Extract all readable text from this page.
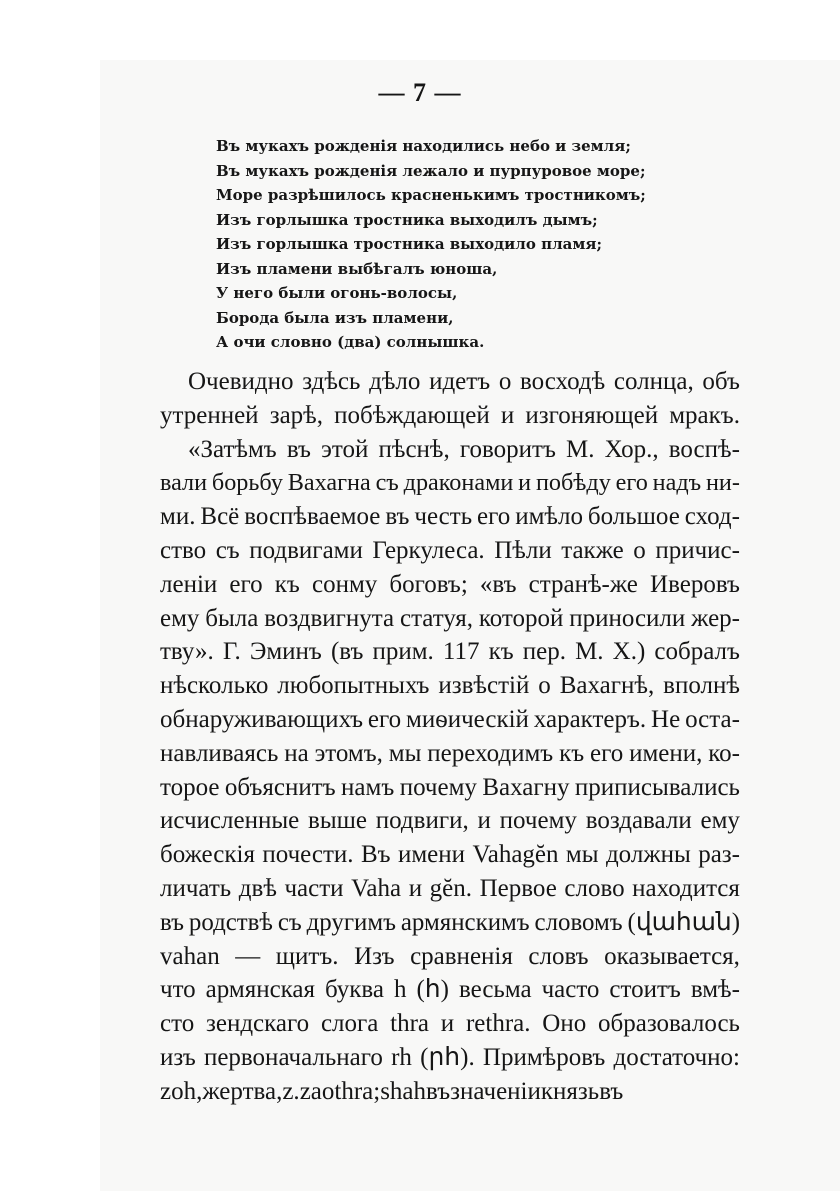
— 7 —
Въ мукахъ рожденія находились небо и земля;
Въ мукахъ рожденія лежало и пурпуровое море;
Море разрѣшилось красненькимъ тростникомъ;
Изъ горлышка тростника выходилъ дымъ;
Изъ горлышка тростника выходило пламя;
Изъ пламени выбѣгалъ юноша,
У него были огонь-волосы,
Борода была изъ пламени,
А очи словно (два) солнышка.
Очевидно здѣсь дѣло идетъ о восходѣ солнца, объ
утренней зарѣ, побѣждающей и изгоняющей мракъ.
«Затѣмъ въ этой пѣснѣ, говоритъ М. Хор., воспѣ-
вали борьбу Вахагна съ драконами и побѣду его надъ ни-
ми. Всё воспѣваемое въ честь его имѣло большое сход-
ство съ подвигами Геркулеса. Пѣли также о причис-
леніи его къ сонму боговъ; «въ странѣ-же Иверовъ
ему была воздвигнута статуя, которой приносили жер-
тву». Г. Эминъ (въ прим. 117 къ пер. М. Х.) собралъ
нѣсколько любопытныхъ извѣстій о Вахагнѣ, вполнѣ
обнаруживающихъ его миѳическій характеръ. Не оста-
навливаясь на этомъ, мы переходимъ къ его имени, ко-
торое объяснитъ намъ почему Вахагну приписывались
исчисленные выше подвиги, и почему воздавали ему
божескія почести. Въ имени Vahagĕn мы должны раз-
личать двѣ части Vaha и gĕn. Первое слово находится
въ родствѣ съ другимъ армянскимъ словомъ (վահան)
vahan — щитъ. Изъ сравненія словъ оказывается,
что армянская буква h (հ) весьма часто стоитъ вмѣ-
сто зендскаго слога thra и rethra. Оно образовалось
изъ первоначальнаго rh (րհ). Примѣровъ достаточно:
zoh, жертва, z. zaothra; shah въ значеніи князь въ
